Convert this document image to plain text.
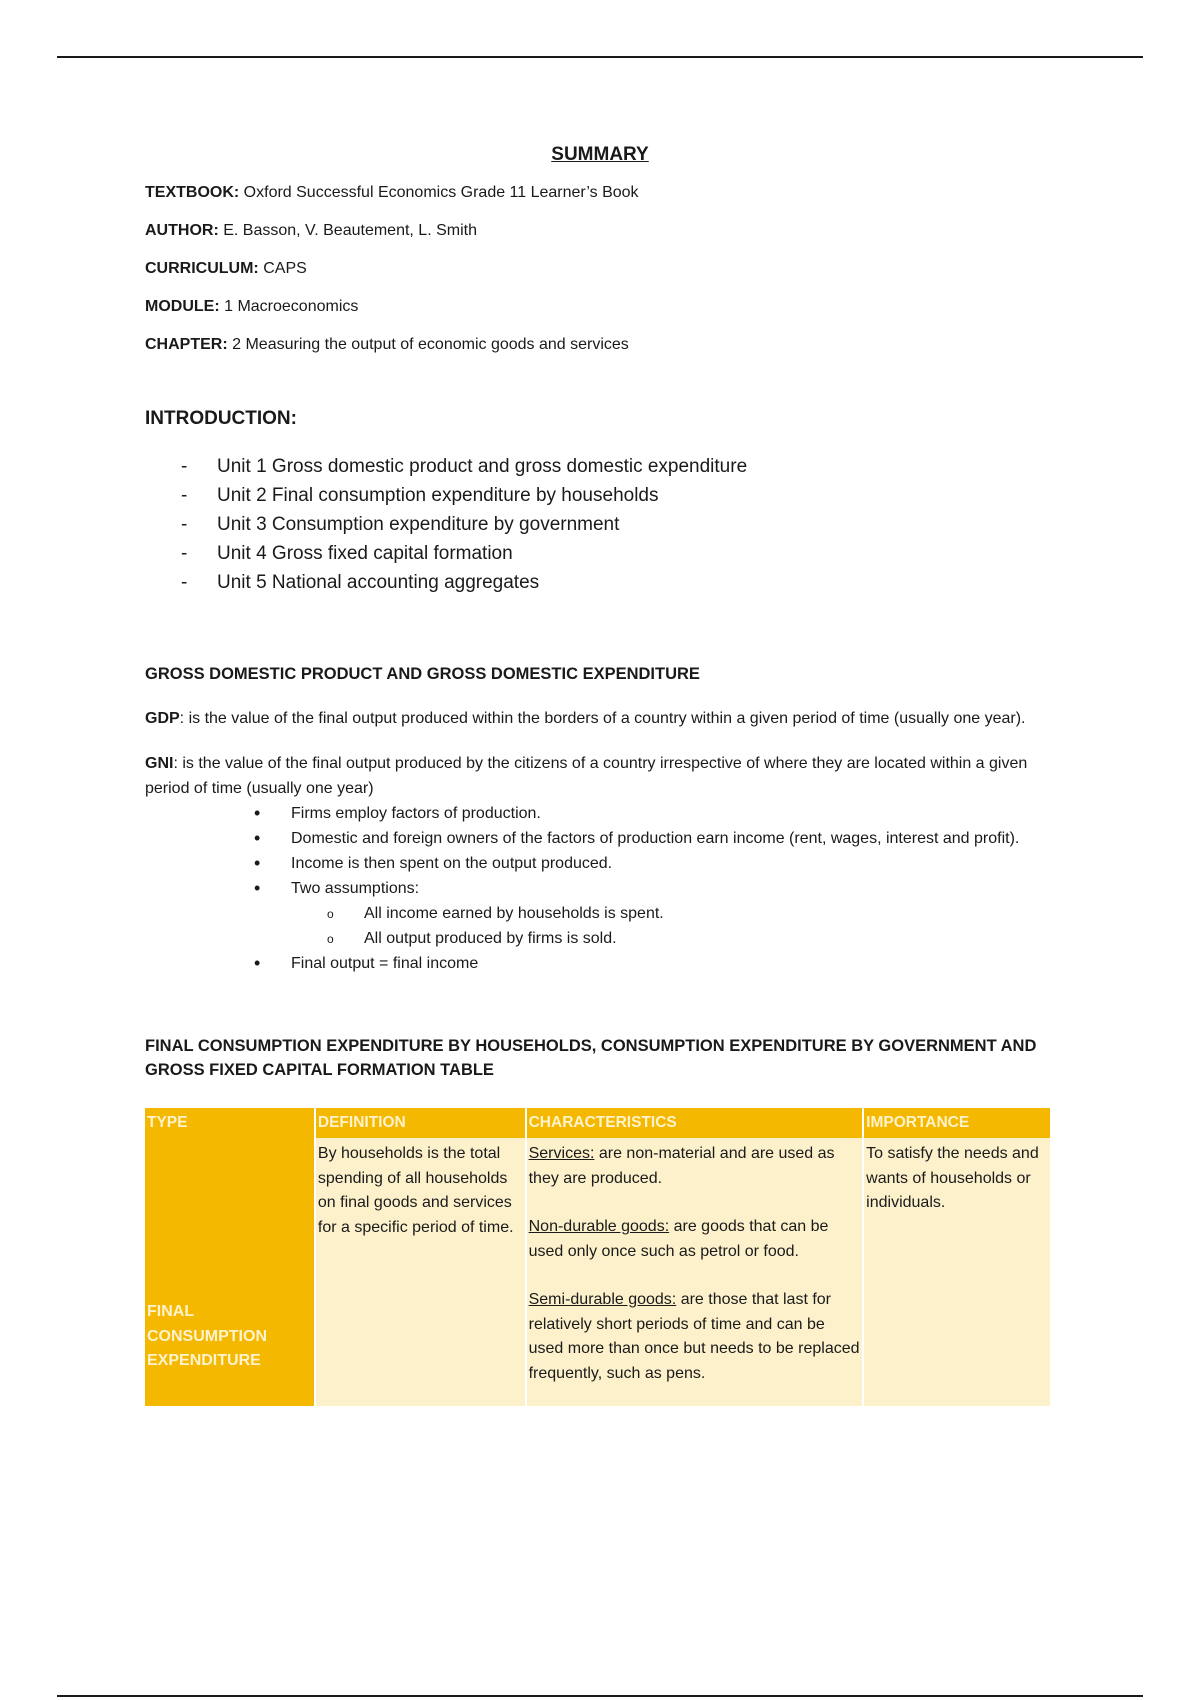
SUMMARY
TEXTBOOK: Oxford Successful Economics Grade 11 Learner’s Book
AUTHOR: E. Basson, V. Beautement, L. Smith
CURRICULUM: CAPS
MODULE: 1 Macroeconomics
CHAPTER: 2 Measuring the output of economic goods and services
INTRODUCTION:
- Unit 1 Gross domestic product and gross domestic expenditure
- Unit 2 Final consumption expenditure by households
- Unit 3 Consumption expenditure by government
- Unit 4 Gross fixed capital formation
- Unit 5 National accounting aggregates
GROSS DOMESTIC PRODUCT AND GROSS DOMESTIC EXPENDITURE
GDP: is the value of the final output produced within the borders of a country within a given period of time (usually one year).
GNI: is the value of the final output produced by the citizens of a country irrespective of where they are located within a given period of time (usually one year)
• Firms employ factors of production.
• Domestic and foreign owners of the factors of production earn income (rent, wages, interest and profit).
• Income is then spent on the output produced.
• Two assumptions:
o All income earned by households is spent.
o All output produced by firms is sold.
• Final output = final income
FINAL CONSUMPTION EXPENDITURE BY HOUSEHOLDS, CONSUMPTION EXPENDITURE BY GOVERNMENT AND GROSS FIXED CAPITAL FORMATION TABLE
TYPE	DEFINITION	CHARACTERISTICS	IMPORTANCE
FINAL CONSUMPTION EXPENDITURE	By households is the total spending of all households on final goods and services for a specific period of time.	Services: are non-material and are used as they are produced.
Non-durable goods: are goods that can be used only once such as petrol or food.
Semi-durable goods: are those that last for relatively short periods of time and can be used more than once but needs to be replaced frequently, such as pens.	To satisfy the needs and wants of households or individuals.
